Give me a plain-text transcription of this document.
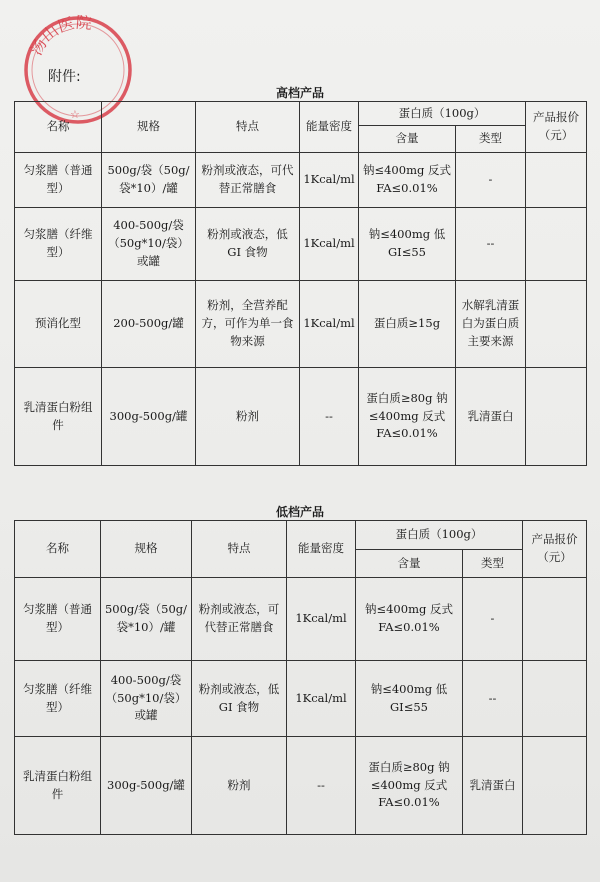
汤山医院
☆
附件:
高档产品
名称	规格	特点	能量密度	蛋白质（100g）		产品报价（元）
				含量	类型	
匀浆膳（普通型）	500g/袋（50g/袋*10）/罐	粉剂或液态，可代替正常膳食	1Kcal/ml	钠≤400mg 反式 FA≤0.01%	-	
匀浆膳（纤维型）	400-500g/袋（50g*10/袋）或罐	粉剂或液态，低 GI 食物	1Kcal/ml	钠≤400mg 低 GI≤55	--	
预消化型	200-500g/罐	粉剂，全营养配方，可作为单一食物来源	1Kcal/ml	蛋白质≥15g	水解乳清蛋白为蛋白质主要来源	
乳清蛋白粉组件	300g-500g/罐	粉剂	--	蛋白质≥80g 钠≤400mg 反式 FA≤0.01%	乳清蛋白	
低档产品
名称	规格	特点	能量密度	蛋白质（100g）		产品报价（元）
				含量	类型	
匀浆膳（普通型）	500g/袋（50g/袋*10）/罐	粉剂或液态，可代替正常膳食	1Kcal/ml	钠≤400mg 反式 FA≤0.01%	-	
匀浆膳（纤维型）	400-500g/袋（50g*10/袋）或罐	粉剂或液态，低 GI 食物	1Kcal/ml	钠≤400mg 低 GI≤55	--	
乳清蛋白粉组件	300g-500g/罐	粉剂	--	蛋白质≥80g 钠≤400mg 反式 FA≤0.01%	乳清蛋白	
